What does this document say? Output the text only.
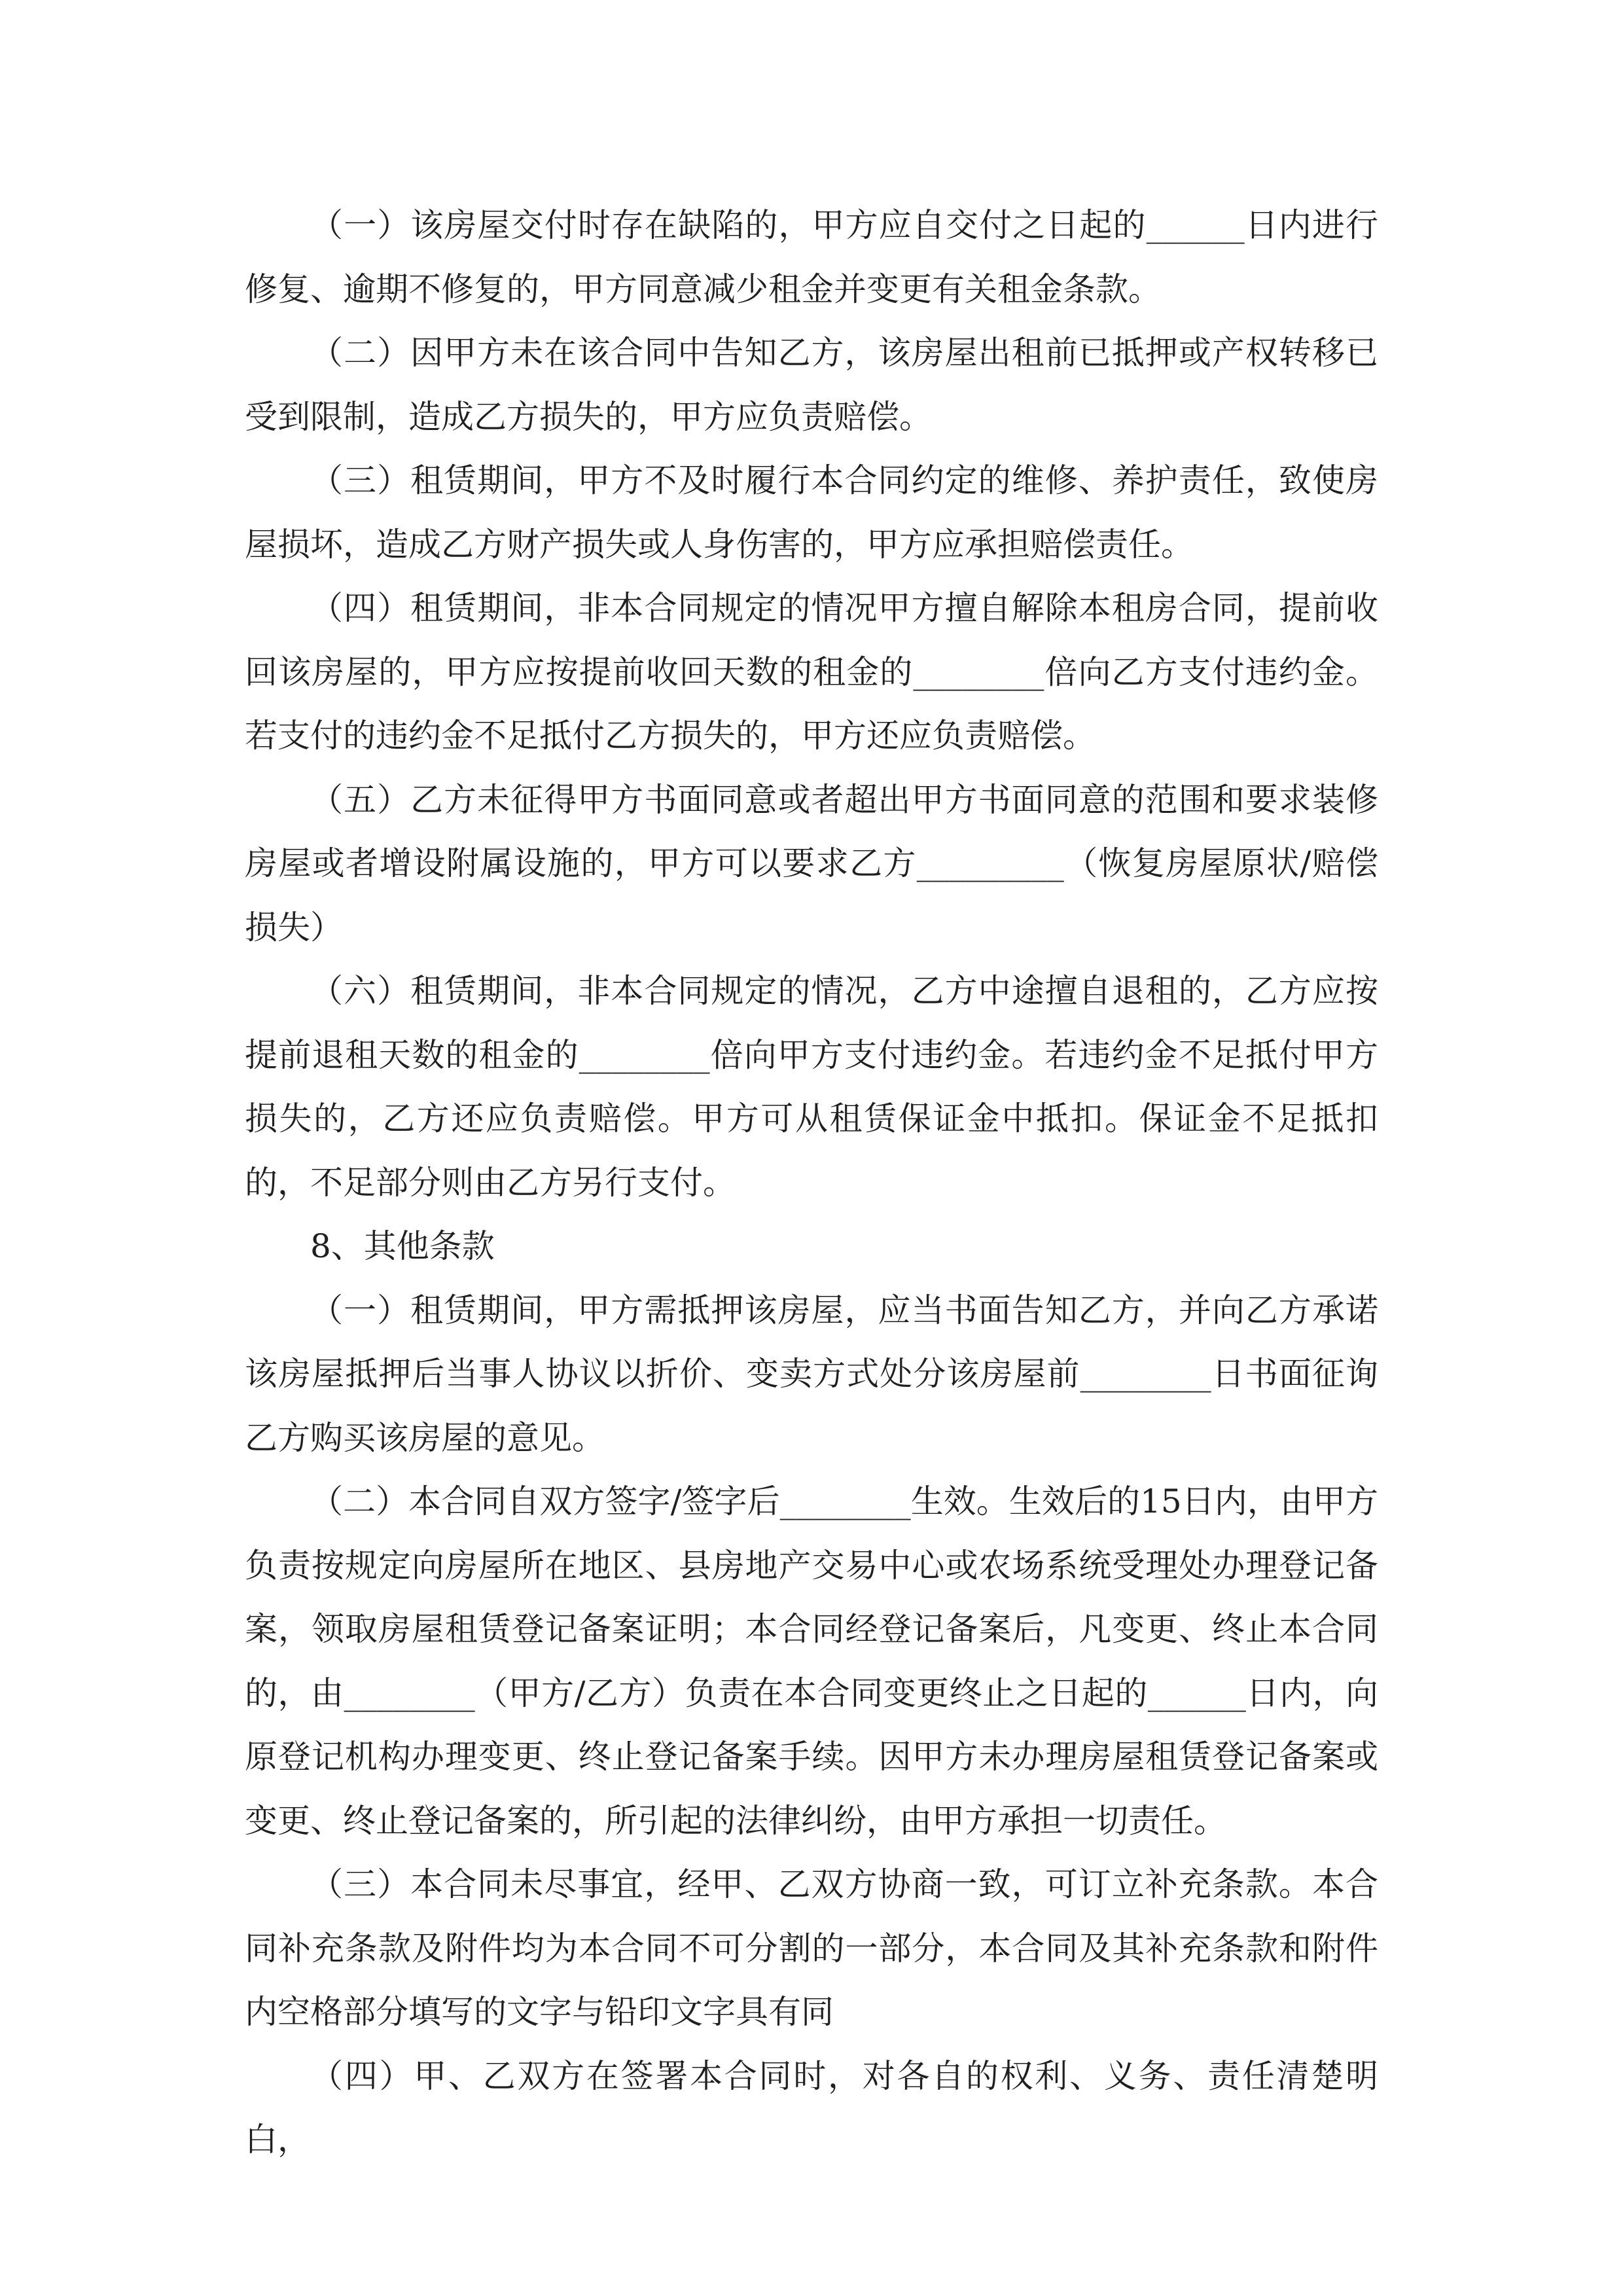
（一）该房屋交付时存在缺陷的，甲方应自交付之日起的______日内进行修复、逾期不修复的，甲方同意减少租金并变更有关租金条款。

（二）因甲方未在该合同中告知乙方，该房屋出租前已抵押或产权转移已受到限制，造成乙方损失的，甲方应负责赔偿。

（三）租赁期间，甲方不及时履行本合同约定的维修、养护责任，致使房屋损坏，造成乙方财产损失或人身伤害的，甲方应承担赔偿责任。

（四）租赁期间，非本合同规定的情况甲方擅自解除本租房合同，提前收回该房屋的，甲方应按提前收回天数的租金的________倍向乙方支付违约金。若支付的违约金不足抵付乙方损失的，甲方还应负责赔偿。

（五）乙方未征得甲方书面同意或者超出甲方书面同意的范围和要求装修房屋或者增设附属设施的，甲方可以要求乙方_________（恢复房屋原状/赔偿损失）

（六）租赁期间，非本合同规定的情况，乙方中途擅自退租的，乙方应按提前退租天数的租金的________倍向甲方支付违约金。若违约金不足抵付甲方损失的，乙方还应负责赔偿。甲方可从租赁保证金中抵扣。保证金不足抵扣的，不足部分则由乙方另行支付。

8、其他条款

（一）租赁期间，甲方需抵押该房屋，应当书面告知乙方，并向乙方承诺该房屋抵押后当事人协议以折价、变卖方式处分该房屋前________日书面征询乙方购买该房屋的意见。

（二）本合同自双方签字/签字后________生效。生效后的15日内，由甲方负责按规定向房屋所在地区、县房地产交易中心或农场系统受理处办理登记备案，领取房屋租赁登记备案证明；本合同经登记备案后，凡变更、终止本合同的，由________（甲方/乙方）负责在本合同变更终止之日起的______日内，向原登记机构办理变更、终止登记备案手续。因甲方未办理房屋租赁登记备案或变更、终止登记备案的，所引起的法律纠纷，由甲方承担一切责任。

（三）本合同未尽事宜，经甲、乙双方协商一致，可订立补充条款。本合同补充条款及附件均为本合同不可分割的一部分，本合同及其补充条款和附件内空格部分填写的文字与铅印文字具有同

（四）甲、乙双方在签署本合同时，对各自的权利、义务、责任清楚明白，
